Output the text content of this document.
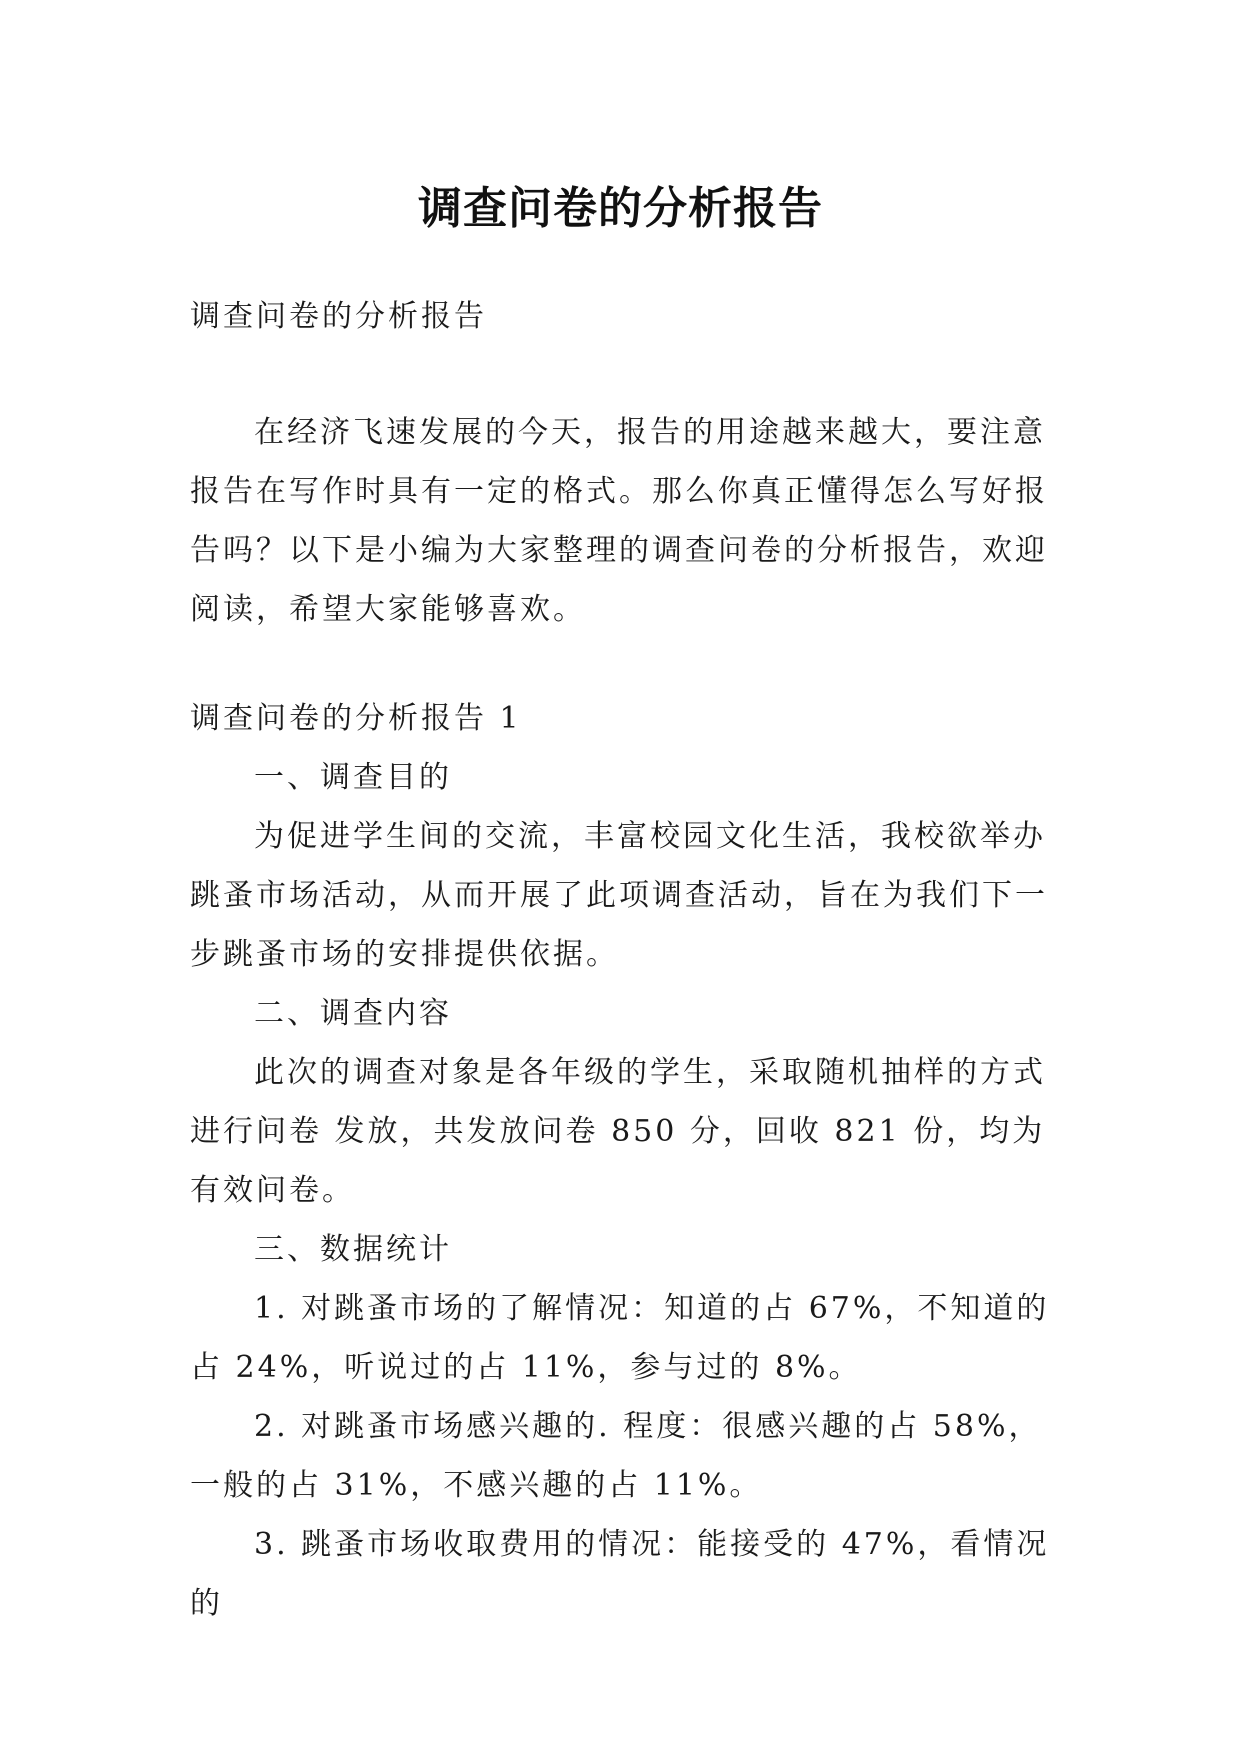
调查问卷的分析报告

调查问卷的分析报告

在经济飞速发展的今天，报告的用途越来越大，要注意报告在写作时具有一定的格式。那么你真正懂得怎么写好报告吗？以下是小编为大家整理的调查问卷的分析报告，欢迎阅读，希望大家能够喜欢。

调查问卷的分析报告 1

一、调查目的

为促进学生间的交流，丰富校园文化生活，我校欲举办跳蚤市场活动，从而开展了此项调查活动，旨在为我们下一步跳蚤市场的安排提供依据。

二、调查内容

此次的调查对象是各年级的学生，采取随机抽样的方式进行问卷 发放，共发放问卷 850 分，回收 821 份，均为有效问卷。

三、数据统计

1. 对跳蚤市场的了解情况：知道的占 67%，不知道的占 24%，听说过的占 11%，参与过的 8%。

2. 对跳蚤市场感兴趣的. 程度：很感兴趣的占 58%，一般的占 31%，不感兴趣的占 11%。

3. 跳蚤市场收取费用的情况：能接受的 47%，看情况的
